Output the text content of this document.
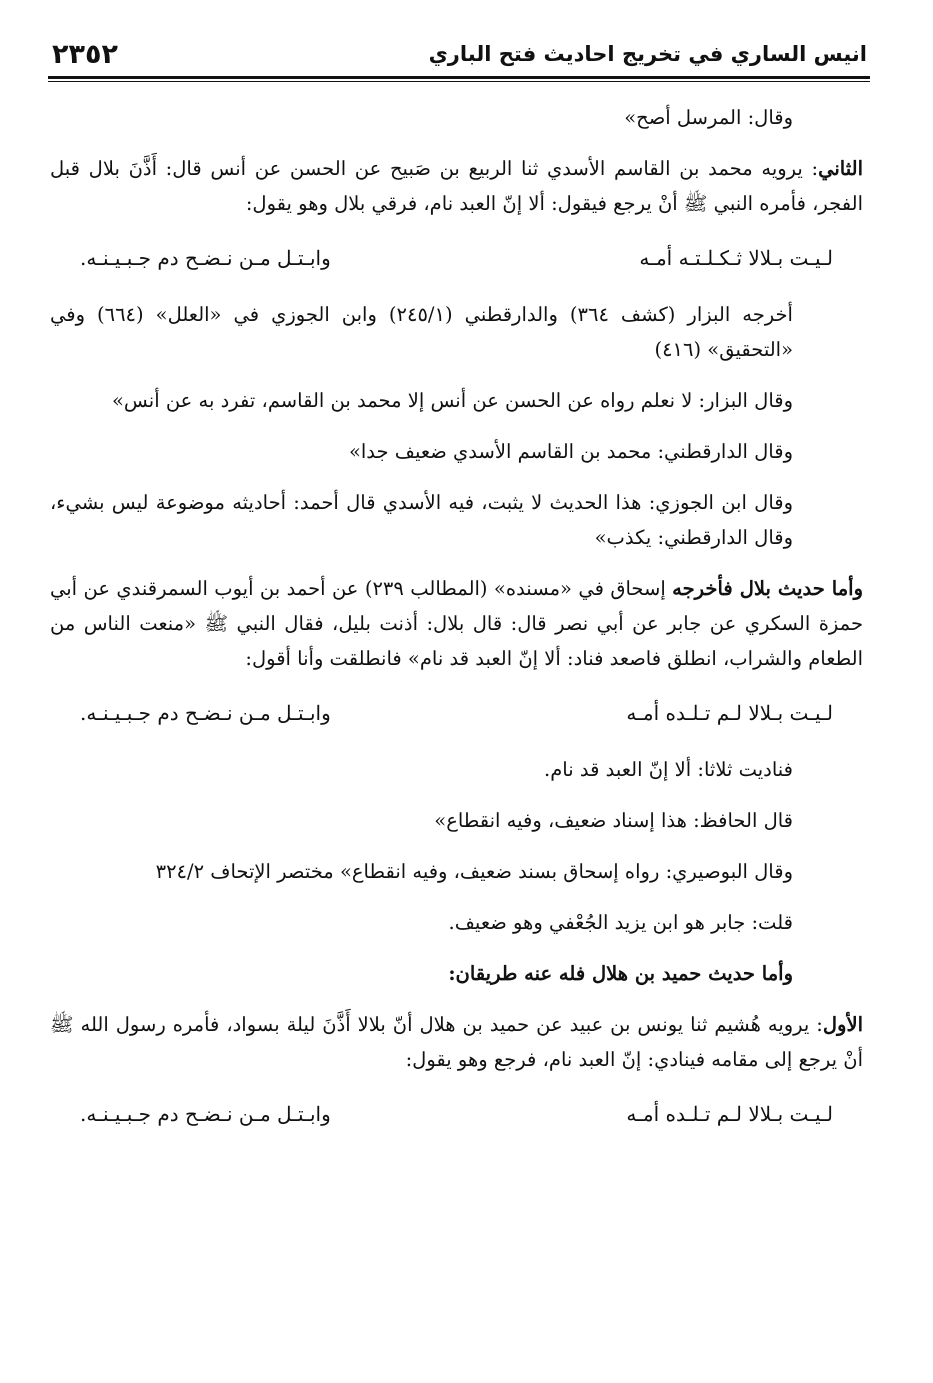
انيس الساري في تخريج احاديث فتح الباري
٢٣٥٢

وقال: المرسل أصح»

الثاني: يرويه محمد بن القاسم الأسدي ثنا الربيع بن صَبيح عن الحسن عن أنس قال: أَذَّنَ بلال قبل الفجر، فأمره النبي ﷺ أنْ يرجع فيقول: ألا إنّ العبد نام، فرقي بلال وهو يقول:

لـيـت بـلالا ثـكـلـتـه أمـه
وابـتـل مـن نـضـح دم جـبـيـنـه.

أخرجه البزار (كشف ٣٦٤) والدارقطني (٢٤٥/١) وابن الجوزي في «العلل» (٦٦٤) وفي «التحقيق» (٤١٦)

وقال البزار: لا نعلم رواه عن الحسن عن أنس إلا محمد بن القاسم، تفرد به عن أنس»

وقال الدارقطني: محمد بن القاسم الأسدي ضعيف جدا»

وقال ابن الجوزي: هذا الحديث لا يثبت، فيه الأسدي قال أحمد: أحاديثه موضوعة ليس بشيء، وقال الدارقطني: يكذب»

وأما حديث بلال فأخرجه إسحاق في «مسنده» (المطالب ٢٣٩) عن أحمد بن أيوب السمرقندي عن أبي حمزة السكري عن جابر عن أبي نصر قال: قال بلال: أذنت بليل، فقال النبي ﷺ «منعت الناس من الطعام والشراب، انطلق فاصعد فناد: ألا إنّ العبد قد نام» فانطلقت وأنا أقول:

لـيـت بـلالا لـم تـلـده أمـه
وابـتـل مـن نـضـح دم جـبـيـنـه.

فناديت ثلاثا: ألا إنّ العبد قد نام.

قال الحافظ: هذا إسناد ضعيف، وفيه انقطاع»

وقال البوصيري: رواه إسحاق بسند ضعيف، وفيه انقطاع» مختصر الإتحاف ٣٢٤/٢

قلت: جابر هو ابن يزيد الجُعْفي وهو ضعيف.

وأما حديث حميد بن هلال فله عنه طريقان:

الأول: يرويه هُشيم ثنا يونس بن عبيد عن حميد بن هلال أنّ بلالا أَذَّنَ ليلة بسواد، فأمره رسول الله ﷺ أنْ يرجع إلى مقامه فينادي: إنّ العبد نام، فرجع وهو يقول:

لـيـت بـلالا لـم تـلـده أمـه
وابـتـل مـن نـضـح دم جـبـيـنـه.
